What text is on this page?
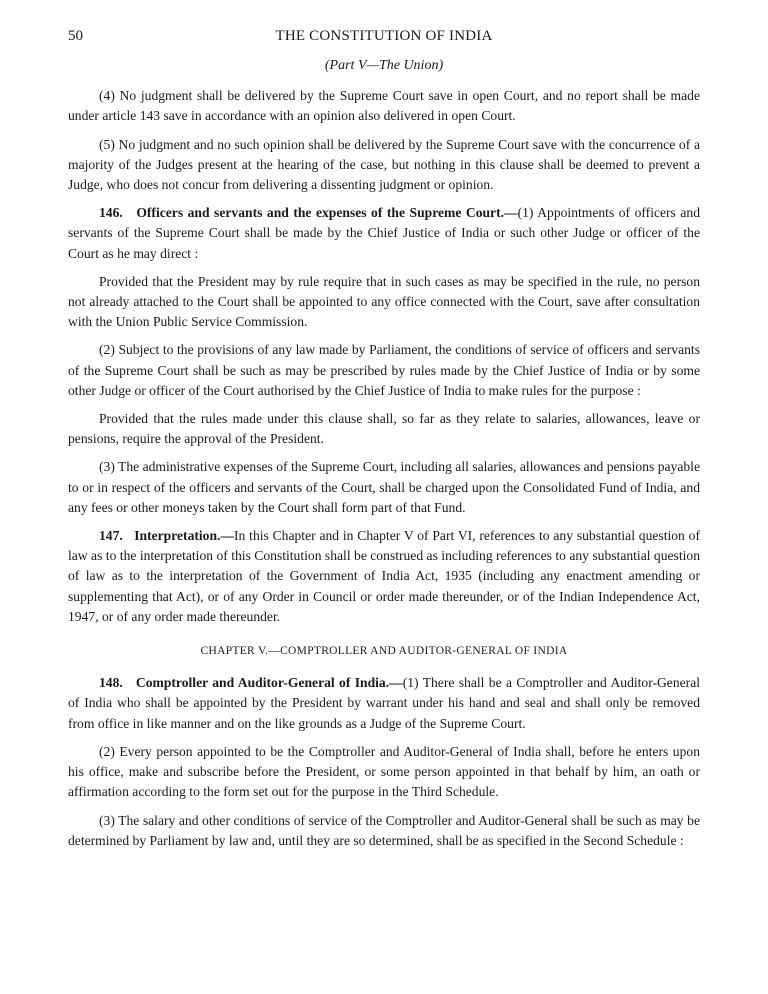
50	THE CONSTITUTION OF INDIA
(Part V—The Union)

(4) No judgment shall be delivered by the Supreme Court save in open Court, and no report shall be made under article 143 save in accordance with an opinion also delivered in open Court.

(5) No judgment and no such opinion shall be delivered by the Supreme Court save with the concurrence of a majority of the Judges present at the hearing of the case, but nothing in this clause shall be deemed to prevent a Judge, who does not concur from delivering a dissenting judgment or opinion.

146. Officers and servants and the expenses of the Supreme Court.—(1) Appointments of officers and servants of the Supreme Court shall be made by the Chief Justice of India or such other Judge or officer of the Court as he may direct :

Provided that the President may by rule require that in such cases as may be specified in the rule, no person not already attached to the Court shall be appointed to any office connected with the Court, save after consultation with the Union Public Service Commission.

(2) Subject to the provisions of any law made by Parliament, the conditions of service of officers and servants of the Supreme Court shall be such as may be prescribed by rules made by the Chief Justice of India or by some other Judge or officer of the Court authorised by the Chief Justice of India to make rules for the purpose :

Provided that the rules made under this clause shall, so far as they relate to salaries, allowances, leave or pensions, require the approval of the President.

(3) The administrative expenses of the Supreme Court, including all salaries, allowances and pensions payable to or in respect of the officers and servants of the Court, shall be charged upon the Consolidated Fund of India, and any fees or other moneys taken by the Court shall form part of that Fund.

147. Interpretation.—In this Chapter and in Chapter V of Part VI, references to any substantial question of law as to the interpretation of this Constitution shall be construed as including references to any substantial question of law as to the interpretation of the Government of India Act, 1935 (including any enactment amending or supplementing that Act), or of any Order in Council or order made thereunder, or of the Indian Independence Act, 1947, or of any order made thereunder.

CHAPTER V.—COMPTROLLER AND AUDITOR-GENERAL OF INDIA

148. Comptroller and Auditor-General of India.—(1) There shall be a Comptroller and Auditor-General of India who shall be appointed by the President by warrant under his hand and seal and shall only be removed from office in like manner and on the like grounds as a Judge of the Supreme Court.

(2) Every person appointed to be the Comptroller and Auditor-General of India shall, before he enters upon his office, make and subscribe before the President, or some person appointed in that behalf by him, an oath or affirmation according to the form set out for the purpose in the Third Schedule.

(3) The salary and other conditions of service of the Comptroller and Auditor-General shall be such as may be determined by Parliament by law and, until they are so determined, shall be as specified in the Second Schedule :
